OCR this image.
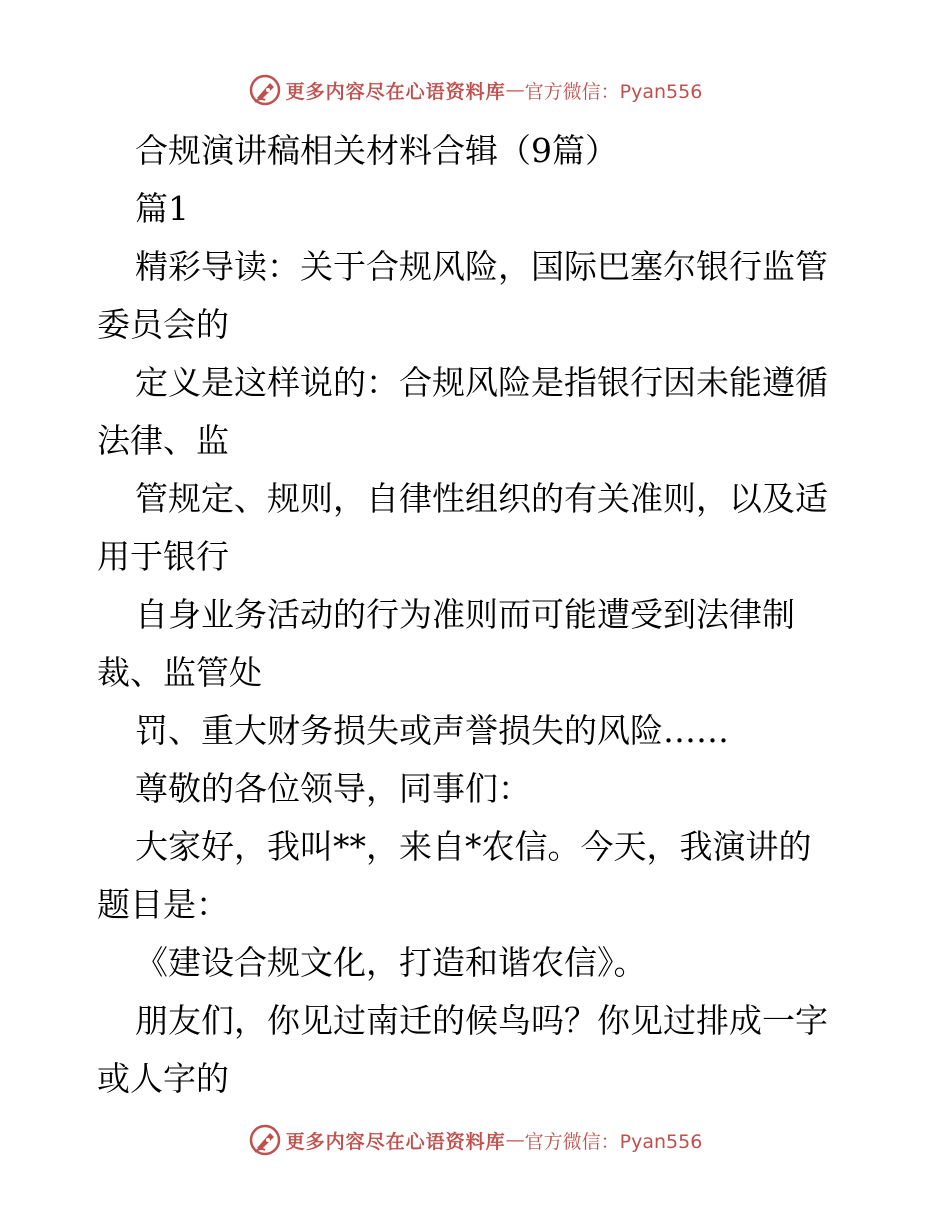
更多内容尽在心语资料库 — 官方微信：Pyan556
合规演讲稿相关材料合辑（9篇）
篇1
精彩导读：关于合规风险，国际巴塞尔银行监管
委员会的
定义是这样说的：合规风险是指银行因未能遵循
法律、监
管规定、规则，自律性组织的有关准则，以及适
用于银行
自身业务活动的行为准则而可能遭受到法律制
裁、监管处
罚、重大财务损失或声誉损失的风险……
尊敬的各位领导，同事们：
大家好，我叫**，来自*农信。今天，我演讲的
题目是：
《建设合规文化，打造和谐农信》。
朋友们，你见过南迁的候鸟吗？你见过排成一字
或人字的
更多内容尽在心语资料库 — 官方微信：Pyan556
